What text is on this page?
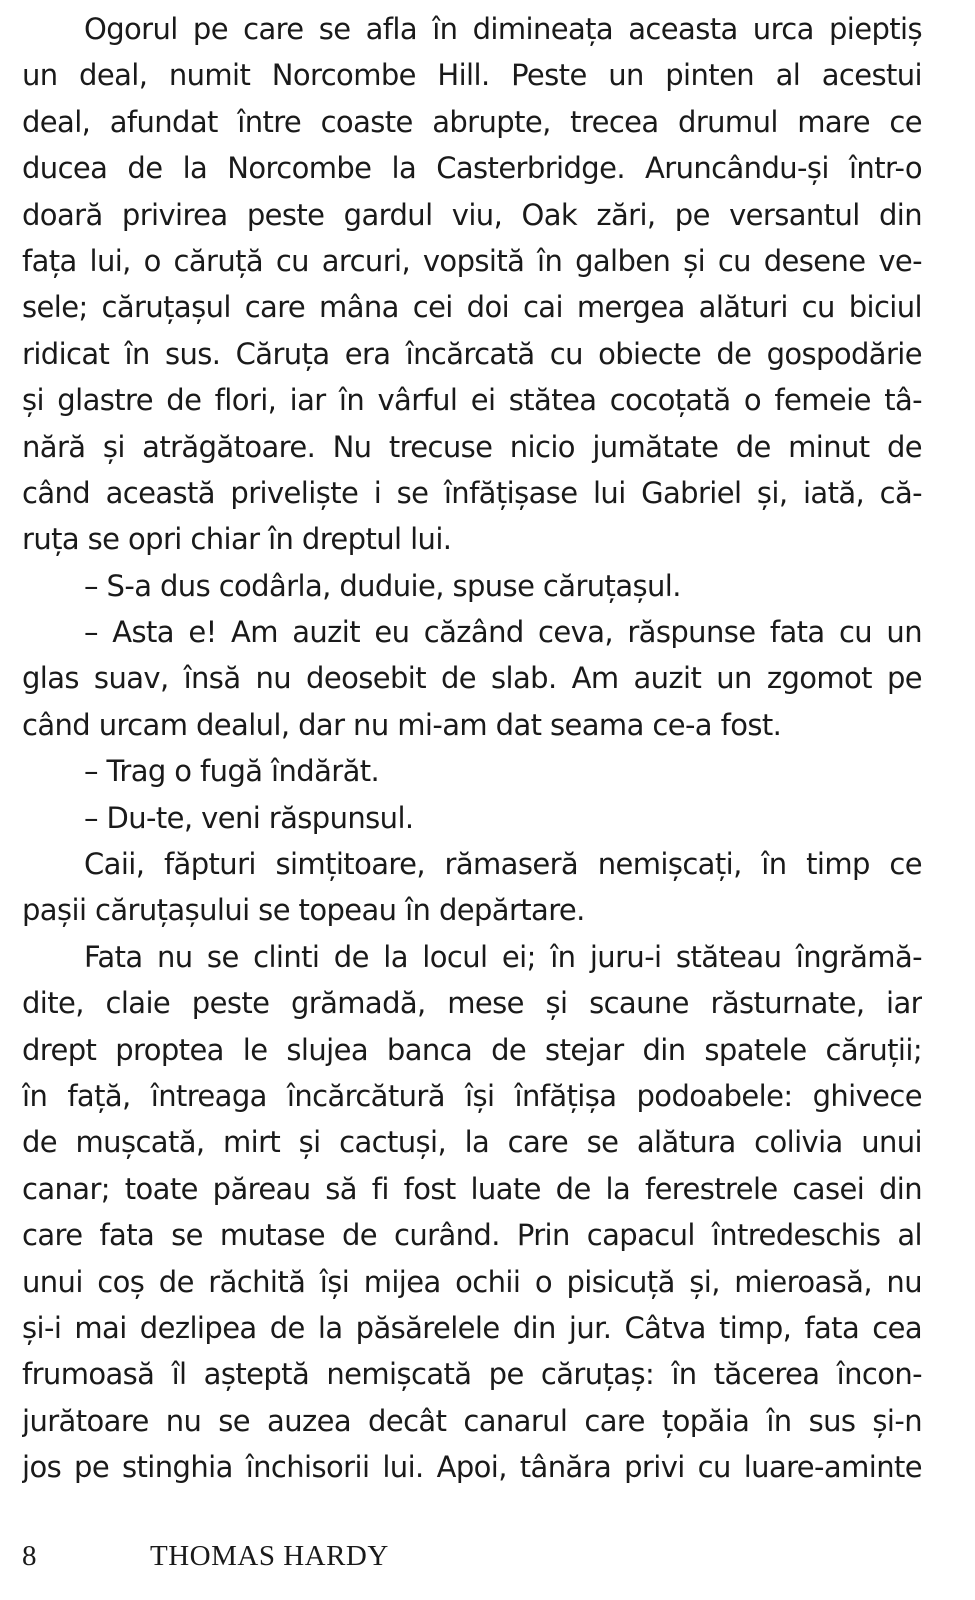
Ogorul pe care se afla în dimineața aceasta urca pieptiș
un deal, numit Norcombe Hill. Peste un pinten al acestui
deal, afundat între coaste abrupte, trecea drumul mare ce
ducea de la Norcombe la Casterbridge. Aruncându-și într-o
doară privirea peste gardul viu, Oak zări, pe versantul din
fața lui, o căruță cu arcuri, vopsită în galben și cu desene ve-
sele; căruțașul care mâna cei doi cai mergea alături cu biciul
ridicat în sus. Căruța era încărcată cu obiecte de gospodărie
și glastre de flori, iar în vârful ei stătea cocoțată o femeie tâ-
nără și atrăgătoare. Nu trecuse nicio jumătate de minut de
când această priveliște i se înfățișase lui Gabriel și, iată, că-
ruța se opri chiar în dreptul lui.
– S-a dus codârla, duduie, spuse căruțașul.
– Asta e! Am auzit eu căzând ceva, răspunse fata cu un
glas suav, însă nu deosebit de slab. Am auzit un zgomot pe
când urcam dealul, dar nu mi-am dat seama ce-a fost.
– Trag o fugă îndărăt.
– Du-te, veni răspunsul.
Caii, făpturi simțitoare, rămaseră nemișcați, în timp ce
pașii căruțașului se topeau în depărtare.
Fata nu se clinti de la locul ei; în juru-i stăteau îngrămă-
dite, claie peste grămadă, mese și scaune răsturnate, iar
drept proptea le slujea banca de stejar din spatele căruții;
în față, întreaga încărcătură își înfățișa podoabele: ghivece
de mușcată, mirt și cactuși, la care se alătura colivia unui
canar; toate păreau să fi fost luate de la ferestrele casei din
care fata se mutase de curând. Prin capacul întredeschis al
unui coș de răchită își mijea ochii o pisicuță și, mieroasă, nu
și-i mai dezlipea de la păsărelele din jur. Câtva timp, fata cea
frumoasă îl așteptă nemișcată pe căruțaș: în tăcerea încon-
jurătoare nu se auzea decât canarul care țopăia în sus și-n
jos pe stinghia închisorii lui. Apoi, tânăra privi cu luare-aminte
8	THOMAS HARDY
